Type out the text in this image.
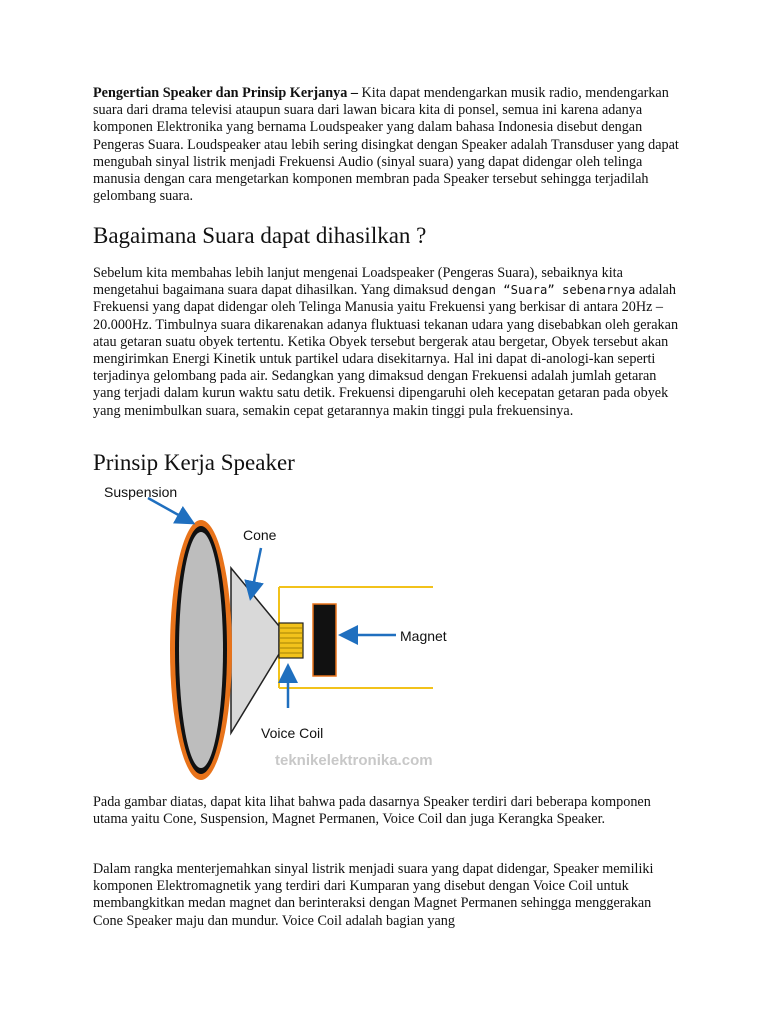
Pengertian Speaker dan Prinsip Kerjanya – Kita dapat mendengarkan musik radio, mendengarkan suara dari drama televisi ataupun suara dari lawan bicara kita di ponsel, semua ini karena adanya komponen Elektronika yang bernama Loudspeaker yang dalam bahasa Indonesia disebut dengan Pengeras Suara. Loudspeaker atau lebih sering disingkat dengan Speaker adalah Transduser yang dapat mengubah sinyal listrik menjadi Frekuensi Audio (sinyal suara) yang dapat didengar oleh telinga manusia dengan cara mengetarkan komponen membran pada Speaker tersebut sehingga terjadilah gelombang suara.

Bagaimana Suara dapat dihasilkan ?

Sebelum kita membahas lebih lanjut mengenai Loadspeaker (Pengeras Suara), sebaiknya kita mengetahui bagaimana suara dapat dihasilkan. Yang dimaksud dengan “Suara” sebenarnya adalah Frekuensi yang dapat didengar oleh Telinga Manusia yaitu Frekuensi yang berkisar di antara 20Hz – 20.000Hz. Timbulnya suara dikarenakan adanya fluktuasi tekanan udara yang disebabkan oleh gerakan atau getaran suatu obyek tertentu. Ketika Obyek tersebut bergerak atau bergetar, Obyek tersebut akan mengirimkan Energi Kinetik untuk partikel udara disekitarnya. Hal ini dapat di-anologi-kan seperti terjadinya gelombang pada air. Sedangkan yang dimaksud dengan Frekuensi adalah jumlah getaran yang terjadi dalam kurun waktu satu detik. Frekuensi dipengaruhi oleh kecepatan getaran pada obyek yang menimbulkan suara, semakin cepat getarannya makin tinggi pula frekuensinya.

Prinsip Kerja Speaker
Suspension
Cone
Magnet
Voice Coil
teknikelektronika.com

Pada gambar diatas, dapat kita lihat bahwa pada dasarnya Speaker terdiri dari beberapa komponen utama yaitu Cone, Suspension, Magnet Permanen, Voice Coil dan juga Kerangka Speaker.

Dalam rangka menterjemahkan sinyal listrik menjadi suara yang dapat didengar, Speaker memiliki komponen Elektromagnetik yang terdiri dari Kumparan yang disebut dengan Voice Coil untuk membangkitkan medan magnet dan berinteraksi dengan Magnet Permanen sehingga menggerakan Cone Speaker maju dan mundur. Voice Coil adalah bagian yang
